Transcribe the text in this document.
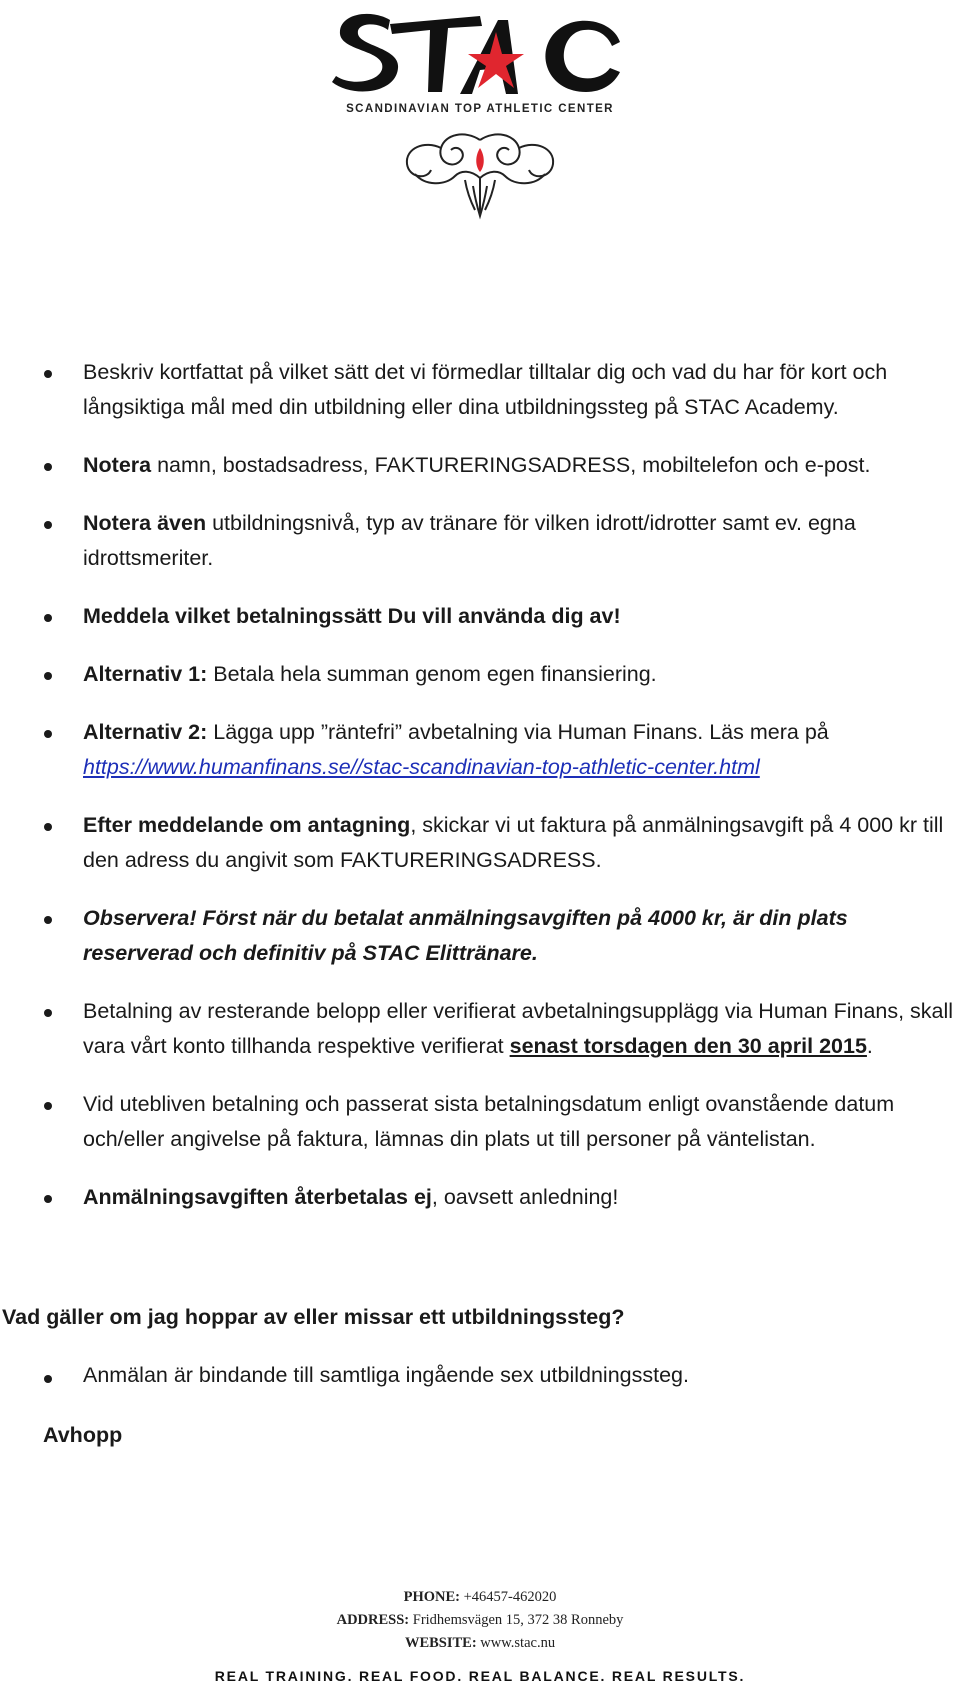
SCANDINAVIAN TOP ATHLETIC CENTER
Beskriv kortfattat på vilket sätt det vi förmedlar tilltalar dig och vad du har för kort och långsiktiga mål med din utbildning eller dina utbildningssteg på STAC Academy.
Notera namn, bostadsadress, FAKTURERINGSADRESS, mobiltelefon och e-post.
Notera även utbildningsnivå, typ av tränare för vilken idrott/idrotter samt ev. egna idrottsmeriter.
Meddela vilket betalningssätt Du vill använda dig av!
Alternativ 1: Betala hela summan genom egen finansiering.
Alternativ 2: Lägga upp ”räntefri” avbetalning via Human Finans. Läs mera på https://www.humanfinans.se//stac-scandinavian-top-athletic-center.html
Efter meddelande om antagning, skickar vi ut faktura på anmälningsavgift på 4 000 kr till den adress du angivit som FAKTURERINGSADRESS.
Observera! Först när du betalat anmälningsavgiften på 4000 kr, är din plats reserverad och definitiv på STAC Elittränare.
Betalning av resterande belopp eller verifierat avbetalningsupplägg via Human Finans, skall vara vårt konto tillhanda respektive verifierat senast torsdagen den 30 april 2015.
Vid utebliven betalning och passerat sista betalningsdatum enligt ovanstående datum och/eller angivelse på faktura, lämnas din plats ut till personer på väntelistan.
Anmälningsavgiften återbetalas ej, oavsett anledning!
Vad gäller om jag hoppar av eller missar ett utbildningssteg?
Anmälan är bindande till samtliga ingående sex utbildningssteg.
Avhopp
PHONE: +46457-462020
ADDRESS: Fridhemsvägen 15, 372 38 Ronneby
WEBSITE: www.stac.nu
REAL TRAINING. REAL FOOD. REAL BALANCE. REAL RESULTS.
